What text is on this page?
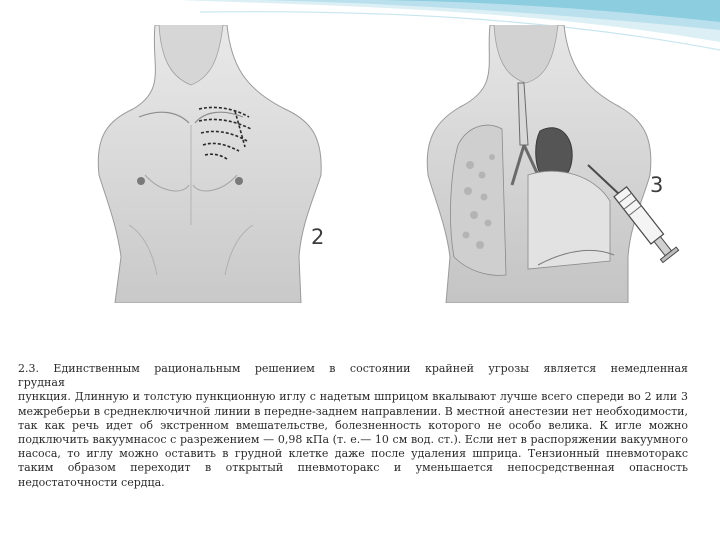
2
3

2.3. Единственным рациональным решением в состоянии крайней угрозы является немедленная

грудная

пункция. Длинную и толстую пункционную иглу с надетым шприцом вкалывают лучше всего спереди во 2 или 3 межреберьи в среднеключичной линии в передне-заднем направлении. В местной анестезии нет необходимости, так как речь идет об экстренном вмешательстве, болезненность которого не особо велика. К игле можно подключить вакуумнасос с разрежением — 0,98 кПа (т. е.— 10 см вод. ст.). Если нет в распоряжении вакуумного насоса, то иглу можно оставить в грудной клетке даже после удаления шприца. Тензионный пневмоторакс таким образом переходит в открытый пневмоторакс и уменьшается непосредственная опасность недостаточности сердца.
